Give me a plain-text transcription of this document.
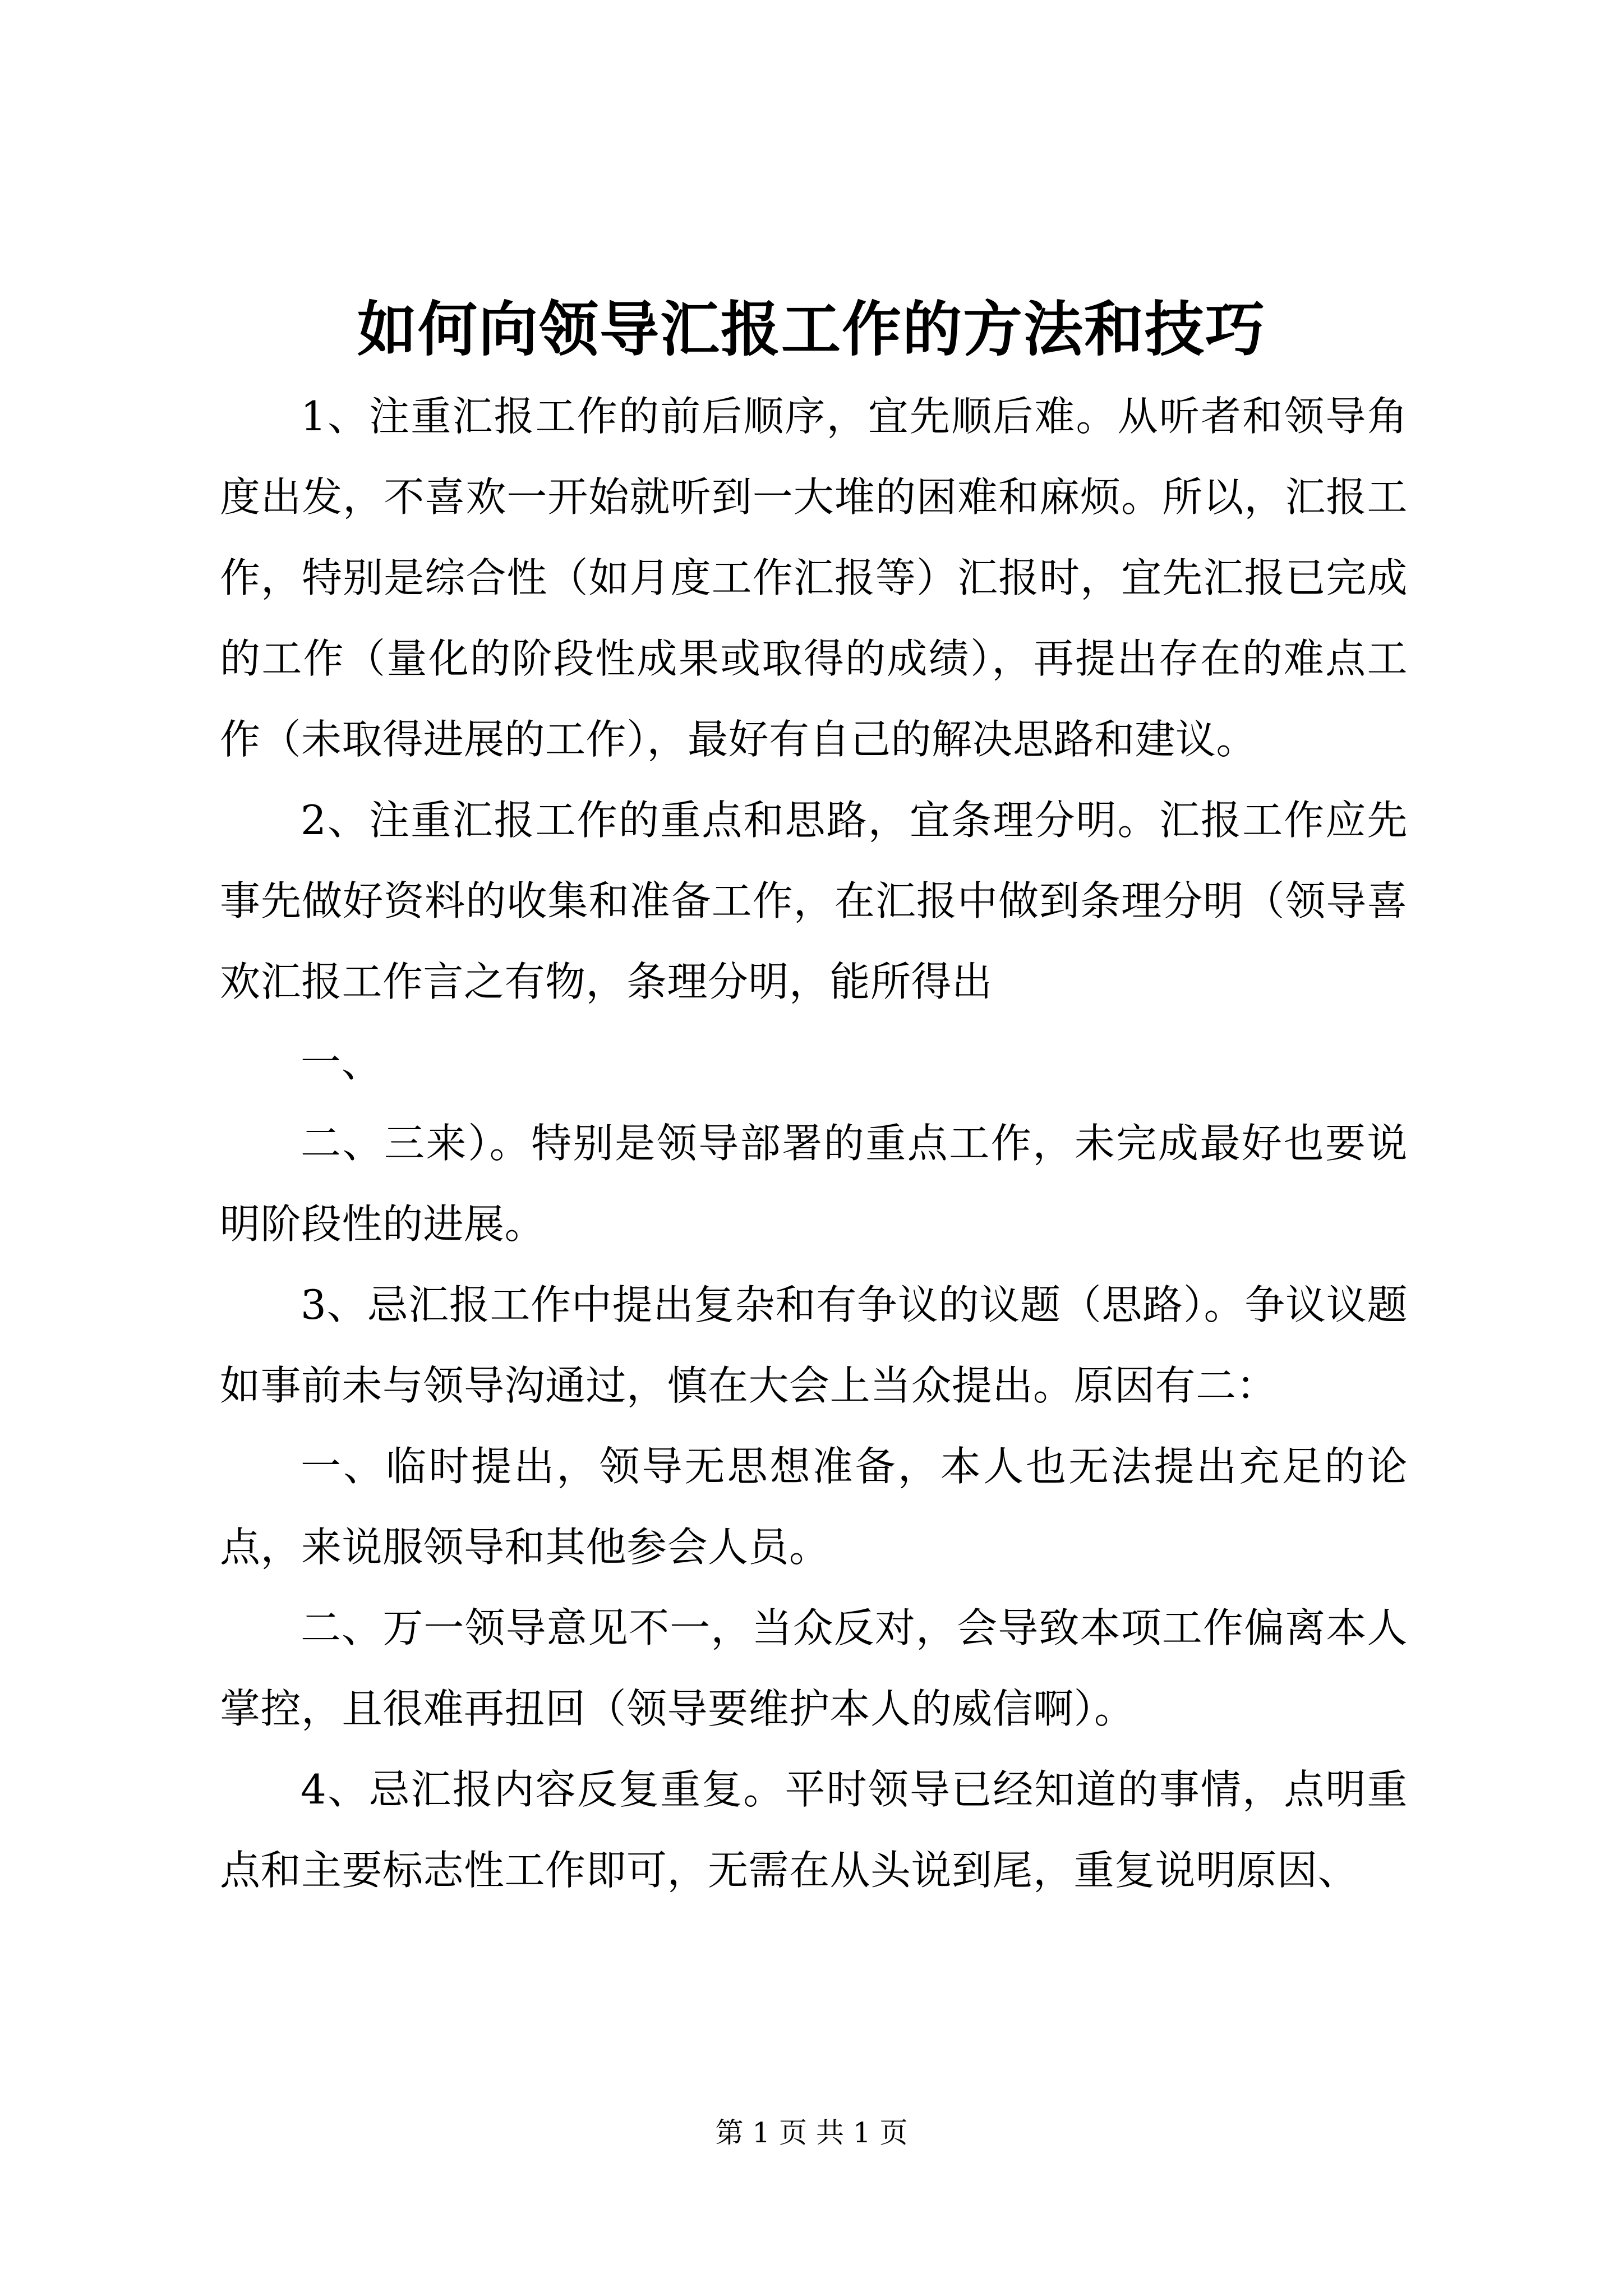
如何向领导汇报工作的方法和技巧

1、注重汇报工作的前后顺序，宜先顺后难。从听者和领导角度出发，不喜欢一开始就听到一大堆的困难和麻烦。所以，汇报工作，特别是综合性（如月度工作汇报等）汇报时，宜先汇报已完成的工作（量化的阶段性成果或取得的成绩），再提出存在的难点工作（未取得进展的工作），最好有自己的解决思路和建议。

2、注重汇报工作的重点和思路，宜条理分明。汇报工作应先事先做好资料的收集和准备工作，在汇报中做到条理分明（领导喜欢汇报工作言之有物，条理分明，能所得出

一、

二、三来）。特别是领导部署的重点工作，未完成最好也要说明阶段性的进展。

3、忌汇报工作中提出复杂和有争议的议题（思路）。争议议题如事前未与领导沟通过，慎在大会上当众提出。原因有二：

一、临时提出，领导无思想准备，本人也无法提出充足的论点，来说服领导和其他参会人员。

二、万一领导意见不一，当众反对，会导致本项工作偏离本人掌控，且很难再扭回（领导要维护本人的威信啊）。

4、忌汇报内容反复重复。平时领导已经知道的事情，点明重点和主要标志性工作即可，无需在从头说到尾，重复说明原因、

第 1 页 共 1 页
